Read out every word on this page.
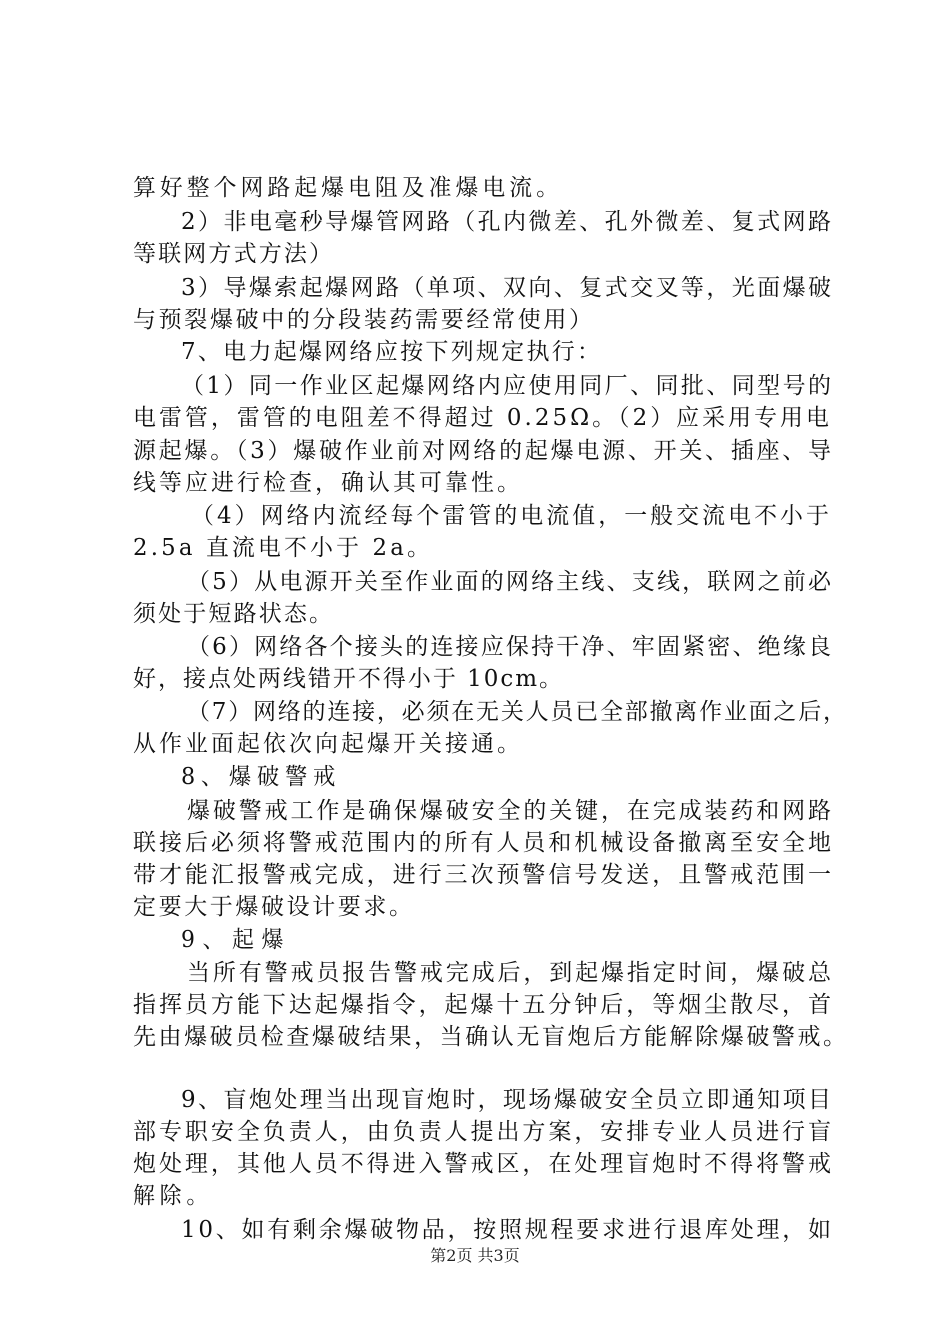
算好整个网路起爆电阻及准爆电流。
2）非电毫秒导爆管网路（孔内微差、孔外微差、复式网路
等联网方式方法）
3）导爆索起爆网路（单项、双向、复式交叉等，光面爆破
与预裂爆破中的分段装药需要经常使用）
7、电力起爆网络应按下列规定执行：
（1）同一作业区起爆网络内应使用同厂、同批、同型号的
电雷管，雷管的电阻差不得超过 0.25Ω。（2）应采用专用电
源起爆。（3）爆破作业前对网络的起爆电源、开关、插座、导
线等应进行检查，确认其可靠性。
（4）网络内流经每个雷管的电流值，一般交流电不小于
2.5a 直流电不小于 2a。
（5）从电源开关至作业面的网络主线、支线，联网之前必
须处于短路状态。
（6）网络各个接头的连接应保持干净、牢固紧密、绝缘良
好，接点处两线错开不得小于 10cm。
（7）网络的连接，必须在无关人员已全部撤离作业面之后，
从作业面起依次向起爆开关接通。
8、爆破警戒
爆破警戒工作是确保爆破安全的关键，在完成装药和网路
联接后必须将警戒范围内的所有人员和机械设备撤离至安全地
带才能汇报警戒完成，进行三次预警信号发送，且警戒范围一
定要大于爆破设计要求。
9、起爆
当所有警戒员报告警戒完成后，到起爆指定时间，爆破总
指挥员方能下达起爆指令，起爆十五分钟后，等烟尘散尽，首
先由爆破员检查爆破结果，当确认无盲炮后方能解除爆破警戒。
9、盲炮处理当出现盲炮时，现场爆破安全员立即通知项目
部专职安全负责人，由负责人提出方案，安排专业人员进行盲
炮处理，其他人员不得进入警戒区，在处理盲炮时不得将警戒
解除。
10、如有剩余爆破物品，按照规程要求进行退库处理，如
第2页 共3页
